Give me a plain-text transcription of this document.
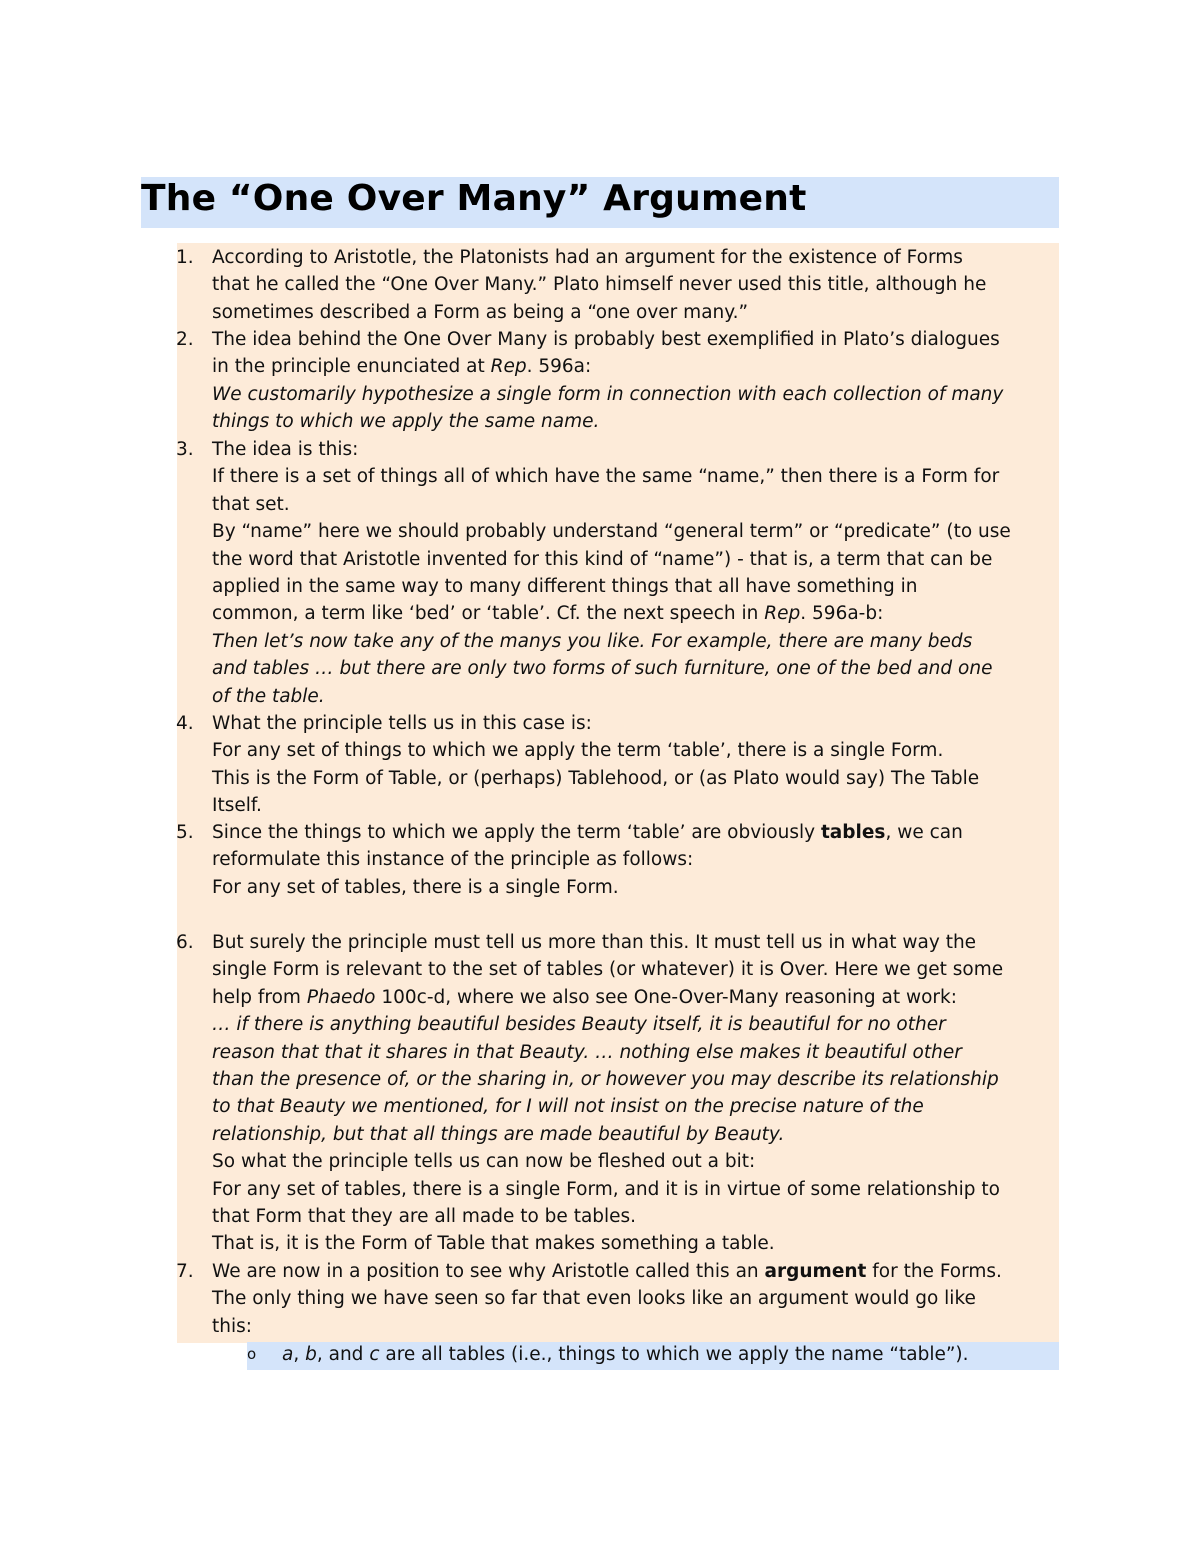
The “One Over Many” Argument
1. According to Aristotle, the Platonists had an argument for the existence of Forms
that he called the “One Over Many.” Plato himself never used this title, although he
sometimes described a Form as being a “one over many.”
2. The idea behind the One Over Many is probably best exemplified in Plato’s dialogues
in the principle enunciated at Rep. 596a:
We customarily hypothesize a single form in connection with each collection of many
things to which we apply the same name.
3. The idea is this:
If there is a set of things all of which have the same “name,” then there is a Form for
that set.
By “name” here we should probably understand “general term” or “predicate” (to use
the word that Aristotle invented for this kind of “name”) - that is, a term that can be
applied in the same way to many different things that all have something in
common, a term like ‘bed’ or ‘table’. Cf. the next speech in Rep. 596a-b:
Then let’s now take any of the manys you like. For example, there are many beds
and tables … but there are only two forms of such furniture, one of the bed and one
of the table.
4. What the principle tells us in this case is:
For any set of things to which we apply the term ‘table’, there is a single Form.
This is the Form of Table, or (perhaps) Tablehood, or (as Plato would say) The Table
Itself.
5. Since the things to which we apply the term ‘table’ are obviously tables, we can
reformulate this instance of the principle as follows:
For any set of tables, there is a single Form.
6. But surely the principle must tell us more than this. It must tell us in what way the
single Form is relevant to the set of tables (or whatever) it is Over. Here we get some
help from Phaedo 100c-d, where we also see One-Over-Many reasoning at work:
… if there is anything beautiful besides Beauty itself, it is beautiful for no other
reason that that it shares in that Beauty. … nothing else makes it beautiful other
than the presence of, or the sharing in, or however you may describe its relationship
to that Beauty we mentioned, for I will not insist on the precise nature of the
relationship, but that all things are made beautiful by Beauty.
So what the principle tells us can now be fleshed out a bit:
For any set of tables, there is a single Form, and it is in virtue of some relationship to
that Form that they are all made to be tables.
That is, it is the Form of Table that makes something a table.
7. We are now in a position to see why Aristotle called this an argument for the Forms.
The only thing we have seen so far that even looks like an argument would go like
this:
o a, b, and c are all tables (i.e., things to which we apply the name “table”).
